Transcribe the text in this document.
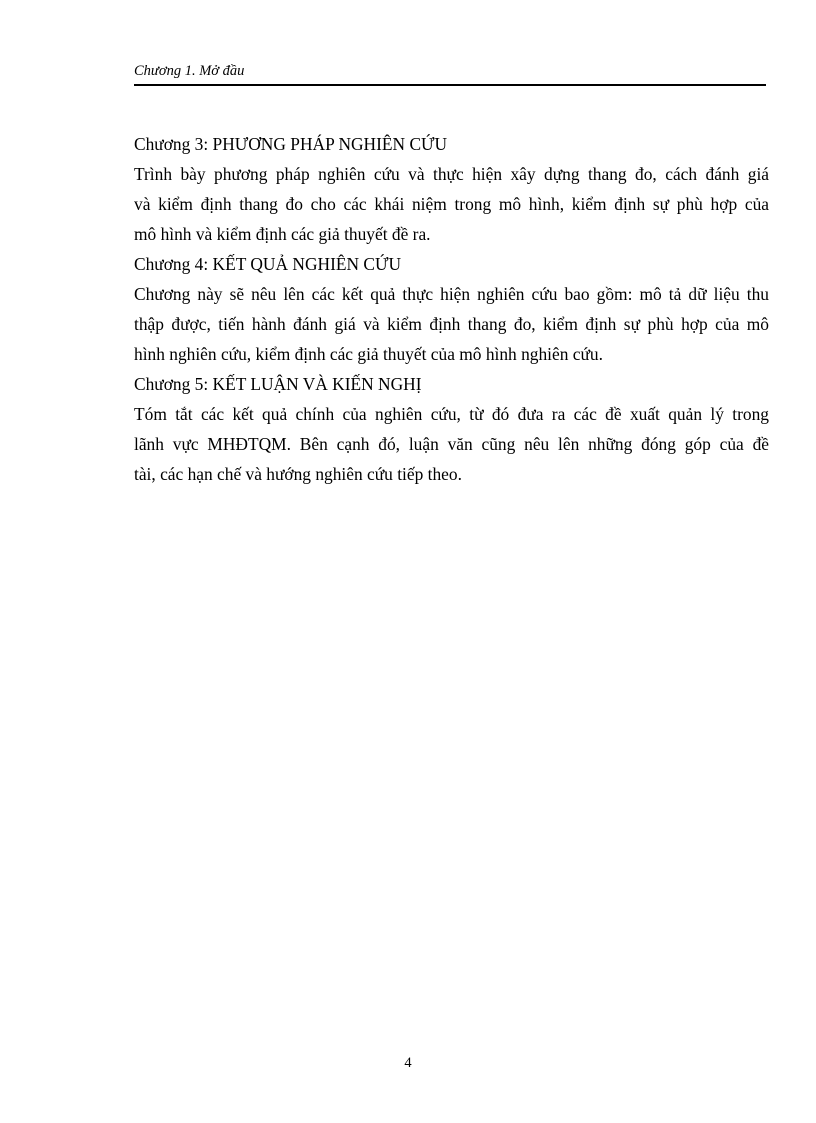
Chương 1. Mở đầu

Chương 3: PHƯƠNG PHÁP NGHIÊN CỨU

Trình bày phương pháp nghiên cứu và thực hiện xây dựng thang đo, cách đánh giá
và kiểm định thang đo cho các khái niệm trong mô hình, kiểm định sự phù hợp của
mô hình và kiểm định các giả thuyết đề ra.

Chương 4: KẾT QUẢ NGHIÊN CỨU

Chương này sẽ nêu lên các kết quả thực hiện nghiên cứu bao gồm: mô tả dữ liệu thu
thập được, tiến hành đánh giá và kiểm định thang đo, kiểm định sự phù hợp của mô
hình nghiên cứu, kiểm định các giả thuyết của mô hình nghiên cứu.

Chương 5: KẾT LUẬN VÀ KIẾN NGHỊ

Tóm tắt các kết quả chính của nghiên cứu, từ đó đưa ra các đề xuất quản lý trong
lãnh vực MHĐTQM. Bên cạnh đó, luận văn cũng nêu lên những đóng góp của đề
tài, các hạn chế và hướng nghiên cứu tiếp theo.
4
